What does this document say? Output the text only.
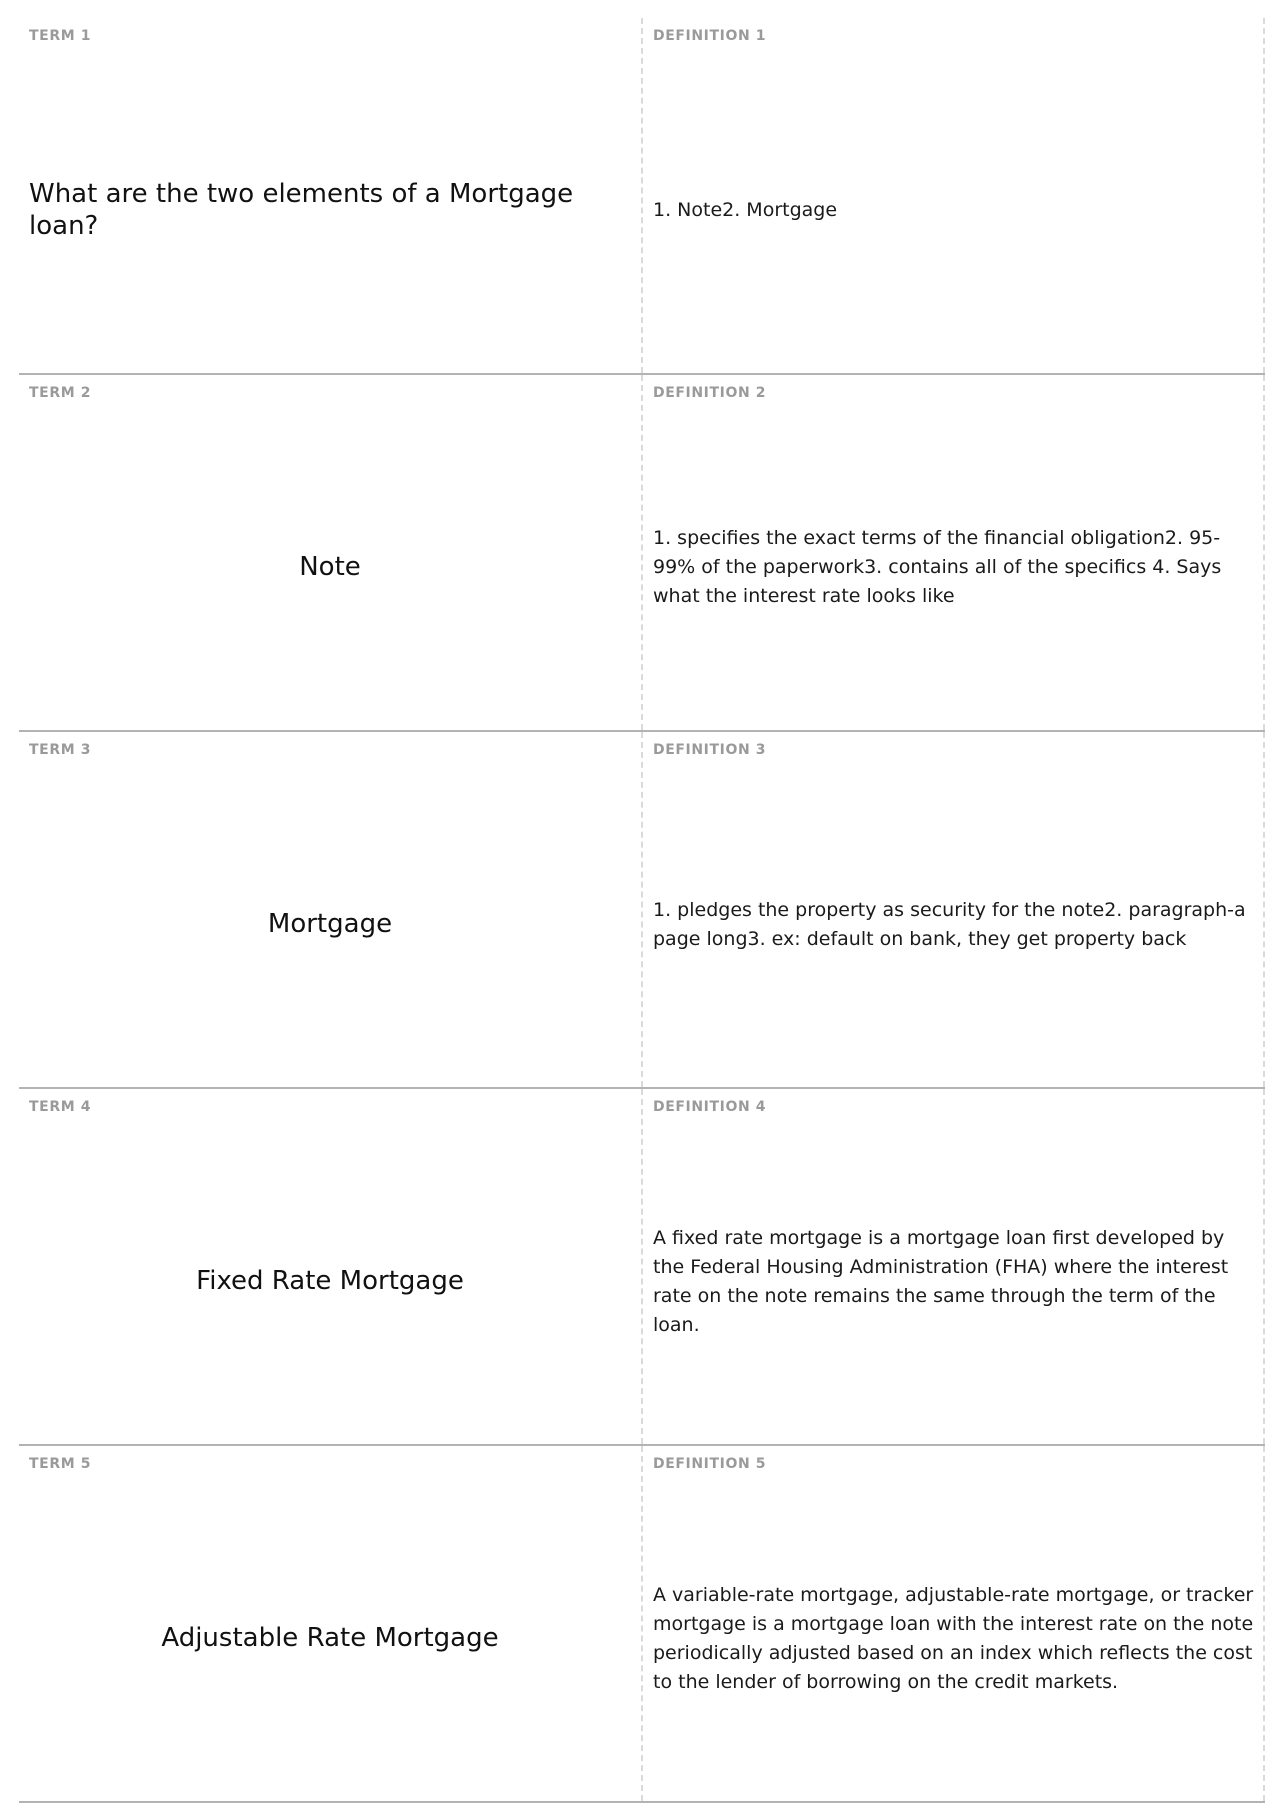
TERM 1
What are the two elements of a Mortgage loan?
DEFINITION 1
1. Note2. Mortgage
TERM 2
Note
DEFINITION 2
1. specifies the exact terms of the financial obligation2. 95-99% of the paperwork3. contains all of the specifics 4. Says what the interest rate looks like
TERM 3
Mortgage
DEFINITION 3
1. pledges the property as security for the note2. paragraph-a page long3. ex: default on bank, they get property back
TERM 4
Fixed Rate Mortgage
DEFINITION 4
A fixed rate mortgage is a mortgage loan first developed by the Federal Housing Administration (FHA) where the interest rate on the note remains the same through the term of the loan.
TERM 5
Adjustable Rate Mortgage
DEFINITION 5
A variable-rate mortgage, adjustable-rate mortgage, or tracker mortgage is a mortgage loan with the interest rate on the note periodically adjusted based on an index which reflects the cost to the lender of borrowing on the credit markets.
